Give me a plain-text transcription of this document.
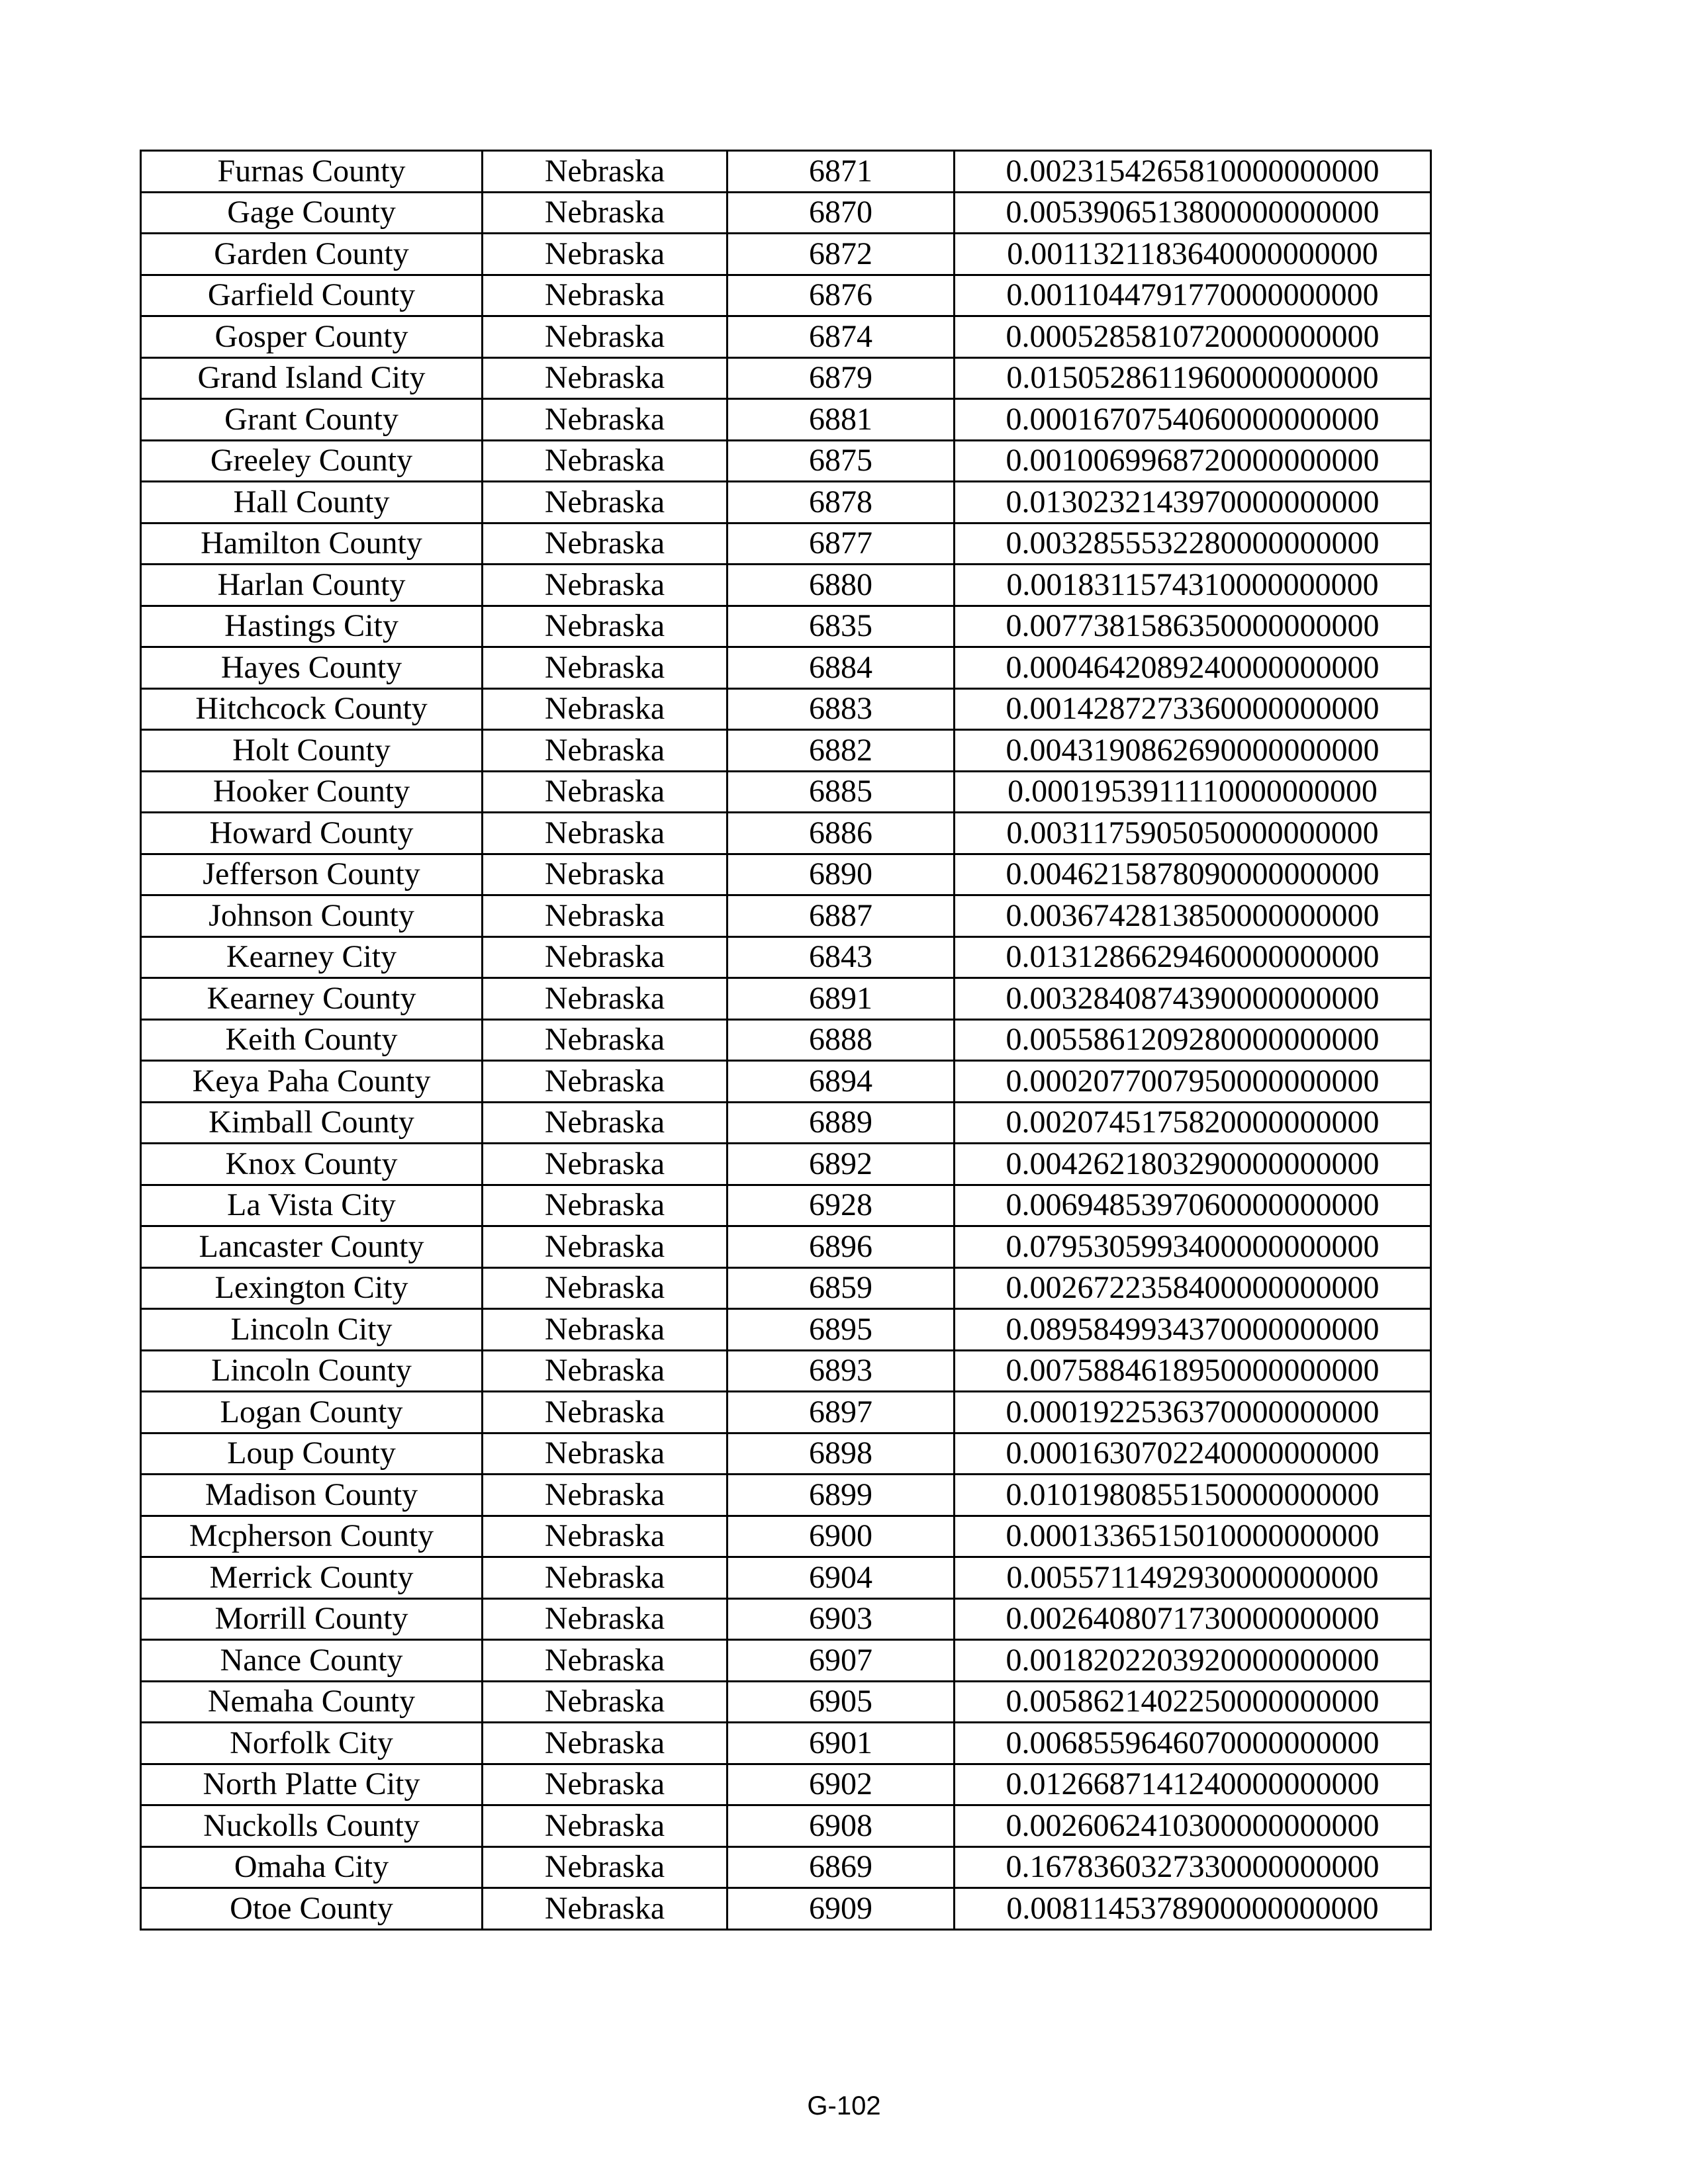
Furnas County	Nebraska	6871	0.0023154265810000000000
Gage County	Nebraska	6870	0.0053906513800000000000
Garden County	Nebraska	6872	0.0011321183640000000000
Garfield County	Nebraska	6876	0.0011044791770000000000
Gosper County	Nebraska	6874	0.0005285810720000000000
Grand Island City	Nebraska	6879	0.0150528611960000000000
Grant County	Nebraska	6881	0.0001670754060000000000
Greeley County	Nebraska	6875	0.0010069968720000000000
Hall County	Nebraska	6878	0.0130232143970000000000
Hamilton County	Nebraska	6877	0.0032855532280000000000
Harlan County	Nebraska	6880	0.0018311574310000000000
Hastings City	Nebraska	6835	0.0077381586350000000000
Hayes County	Nebraska	6884	0.0004642089240000000000
Hitchcock County	Nebraska	6883	0.0014287273360000000000
Holt County	Nebraska	6882	0.0043190862690000000000
Hooker County	Nebraska	6885	0.0001953911110000000000
Howard County	Nebraska	6886	0.0031175905050000000000
Jefferson County	Nebraska	6890	0.0046215878090000000000
Johnson County	Nebraska	6887	0.0036742813850000000000
Kearney City	Nebraska	6843	0.0131286629460000000000
Kearney County	Nebraska	6891	0.0032840874390000000000
Keith County	Nebraska	6888	0.0055861209280000000000
Keya Paha County	Nebraska	6894	0.0002077007950000000000
Kimball County	Nebraska	6889	0.0020745175820000000000
Knox County	Nebraska	6892	0.0042621803290000000000
La Vista City	Nebraska	6928	0.0069485397060000000000
Lancaster County	Nebraska	6896	0.0795305993400000000000
Lexington City	Nebraska	6859	0.0026722358400000000000
Lincoln City	Nebraska	6895	0.0895849934370000000000
Lincoln County	Nebraska	6893	0.0075884618950000000000
Logan County	Nebraska	6897	0.0001922536370000000000
Loup County	Nebraska	6898	0.0001630702240000000000
Madison County	Nebraska	6899	0.0101980855150000000000
Mcpherson County	Nebraska	6900	0.0001336515010000000000
Merrick County	Nebraska	6904	0.0055711492930000000000
Morrill County	Nebraska	6903	0.0026408071730000000000
Nance County	Nebraska	6907	0.0018202203920000000000
Nemaha County	Nebraska	6905	0.0058621402250000000000
Norfolk City	Nebraska	6901	0.0068559646070000000000
North Platte City	Nebraska	6902	0.0126687141240000000000
Nuckolls County	Nebraska	6908	0.0026062410300000000000
Omaha City	Nebraska	6869	0.1678360327330000000000
Otoe County	Nebraska	6909	0.0081145378900000000000
G-102
